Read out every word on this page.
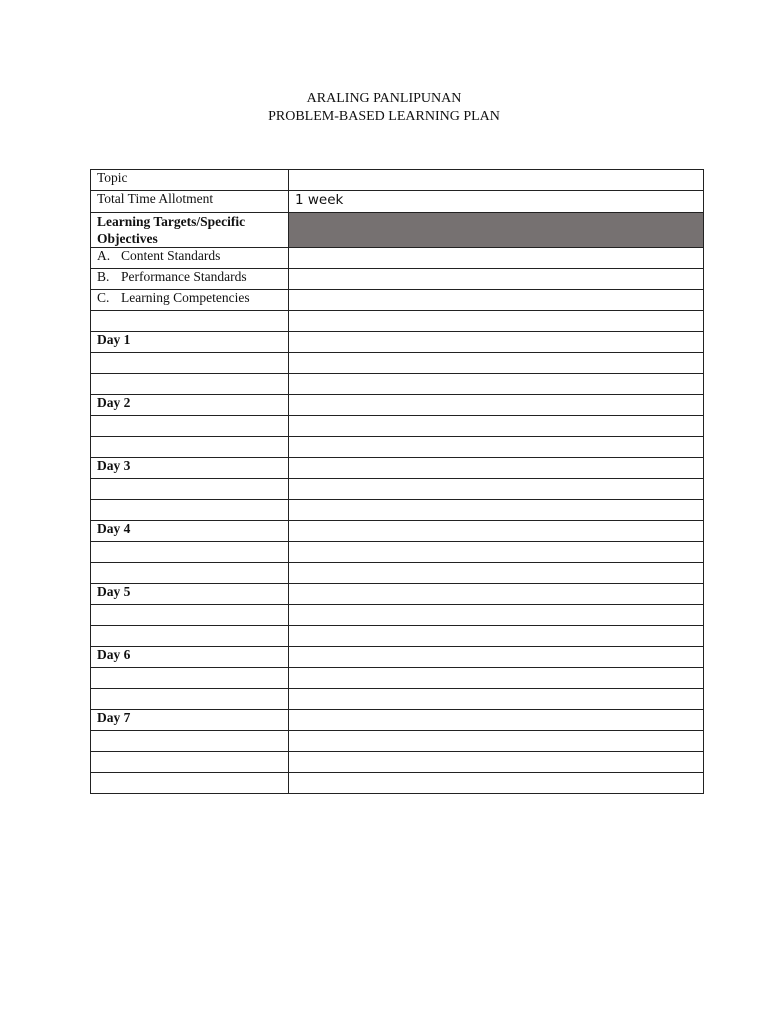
ARALING PANLIPUNAN
PROBLEM-BASED LEARNING PLAN
Topic	
Total Time Allotment	1 week
Learning Targets/Specific Objectives	
A. Content Standards	
B. Performance Standards	
C. Learning Competencies	

Day 1	

Day 2	

Day 3	

Day 4	

Day 5	

Day 6	

Day 7	
